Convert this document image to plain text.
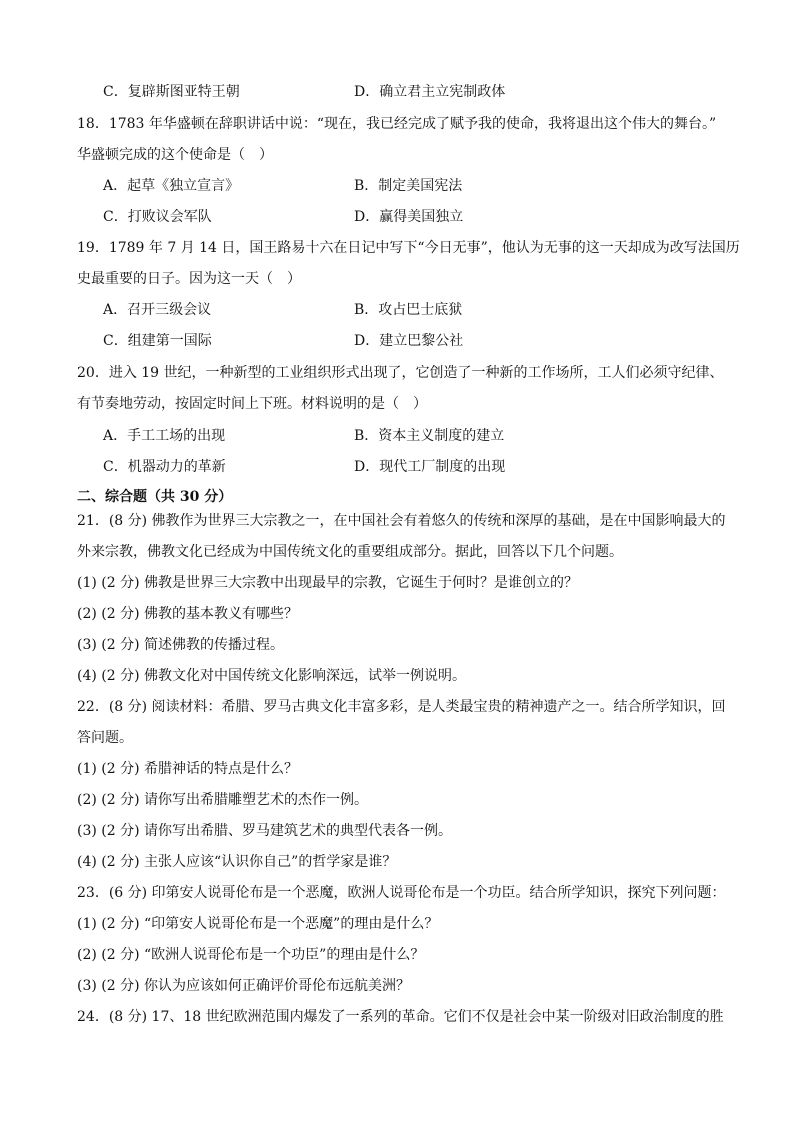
C．复辟斯图亚特王朝	D．确立君主立宪制政体
18．1783 年华盛顿在辞职讲话中说：“现在，我已经完成了赋予我的使命，我将退出这个伟大的舞台。”
华盛顿完成的这个使命是（　）
A．起草《独立宣言》	B．制定美国宪法
C．打败议会军队	D．赢得美国独立
19．1789 年 7 月 14 日，国王路易十六在日记中写下“今日无事”，他认为无事的这一天却成为改写法国历
史最重要的日子。因为这一天（　）
A．召开三级会议	B．攻占巴士底狱
C．组建第一国际	D．建立巴黎公社
20．进入 19 世纪，一种新型的工业组织形式出现了，它创造了一种新的工作场所，工人们必须守纪律、
有节奏地劳动，按固定时间上下班。材料说明的是（　）
A．手工工场的出现	B．资本主义制度的建立
C．机器动力的革新	D．现代工厂制度的出现
二、综合题（共 30 分）
21．(8 分) 佛教作为世界三大宗教之一，在中国社会有着悠久的传统和深厚的基础，是在中国影响最大的
外来宗教，佛教文化已经成为中国传统文化的重要组成部分。据此，回答以下几个问题。
(1) (2 分) 佛教是世界三大宗教中出现最早的宗教，它诞生于何时？是谁创立的？
(2) (2 分) 佛教的基本教义有哪些？
(3) (2 分) 简述佛教的传播过程。
(4) (2 分) 佛教文化对中国传统文化影响深远，试举一例说明。
22．(8 分) 阅读材料：希腊、罗马古典文化丰富多彩，是人类最宝贵的精神遗产之一。结合所学知识，回
答问题。
(1) (2 分) 希腊神话的特点是什么？
(2) (2 分) 请你写出希腊雕塑艺术的杰作一例。
(3) (2 分) 请你写出希腊、罗马建筑艺术的典型代表各一例。
(4) (2 分) 主张人应该“认识你自己”的哲学家是谁？
23．(6 分) 印第安人说哥伦布是一个恶魔，欧洲人说哥伦布是一个功臣。结合所学知识，探究下列问题：
(1) (2 分) “印第安人说哥伦布是一个恶魔”的理由是什么？
(2) (2 分) “欧洲人说哥伦布是一个功臣”的理由是什么？
(3) (2 分) 你认为应该如何正确评价哥伦布远航美洲？
24．(8 分) 17、18 世纪欧洲范围内爆发了一系列的革命。它们不仅是社会中某一阶级对旧政治制度的胜
